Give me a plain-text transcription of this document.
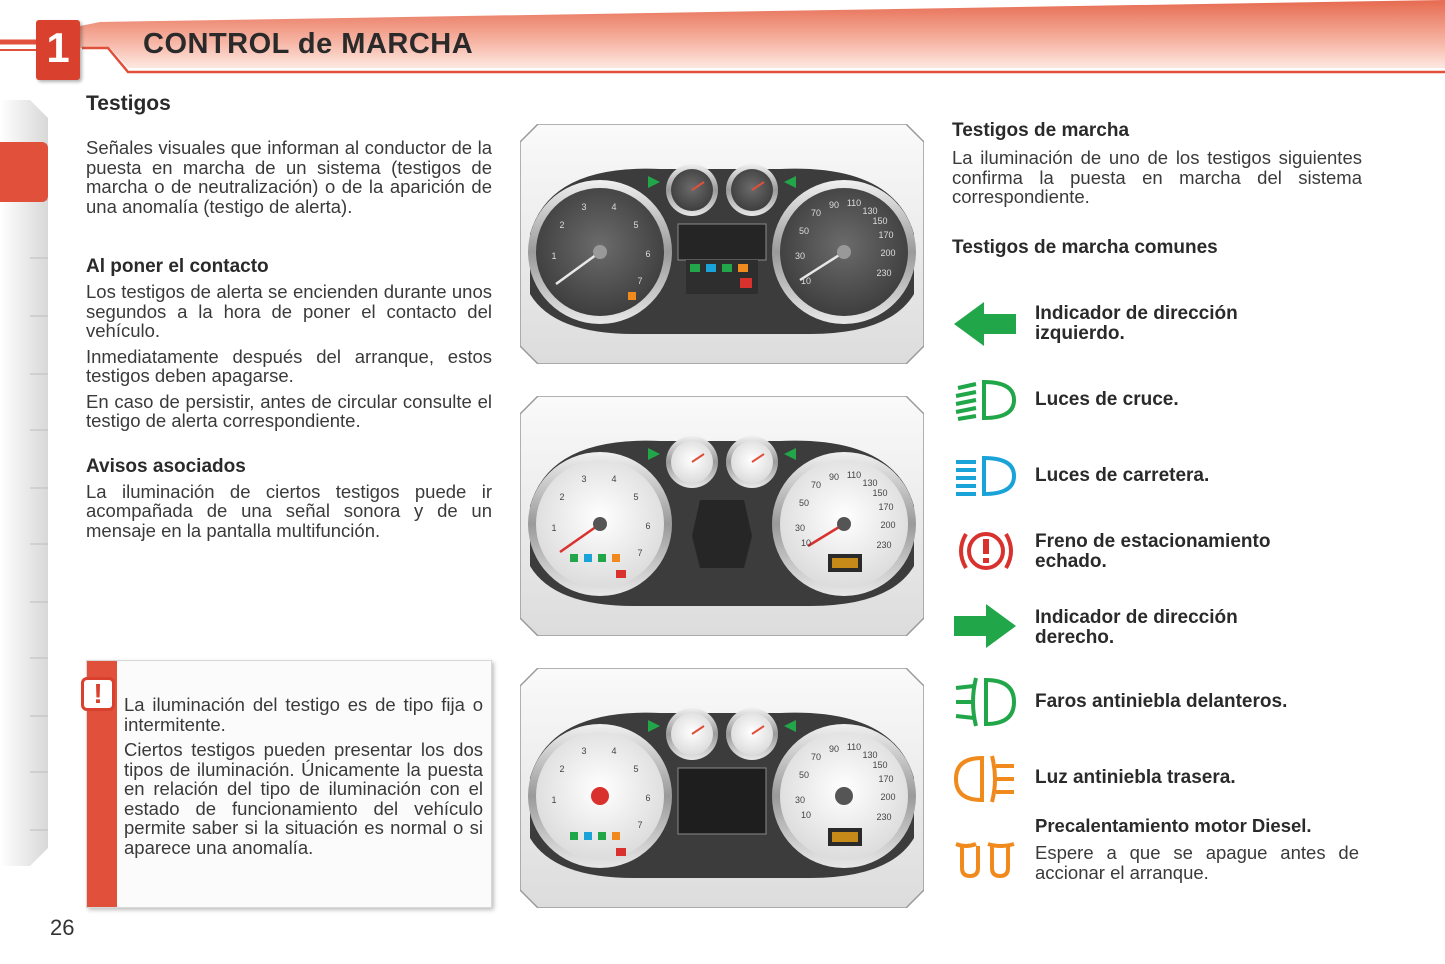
1	CONTROL de MARCHA
Testigos

Señales visuales que informan al conductor de la puesta en marcha de un sistema (testigos de marcha o de neutralización) o de la aparición de una anomalía (testigo de alerta).

Al poner el contacto

Los testigos de alerta se encienden durante unos segundos a la hora de poner el contacto del vehículo.

Inmediatamente después del arranque, estos testigos deben apagarse.

En caso de persistir, antes de circular consulte el testigo de alerta correspondiente.

Avisos asociados

La iluminación de ciertos testigos puede ir acompañada de una señal sonora y de un mensaje en la pantalla multifunción.

!	La iluminación del testigo es de tipo fija o intermitente.

Ciertos testigos pueden presentar los dos tipos de iluminación. Únicamente la puesta en relación del tipo de iluminación con el estado de funcionamiento del vehículo permite saber si la situación es normal o si aparece una anomalía.

1
2
3	4
5
6
7	10
30
50
70
90 110
130
150
170
200
230
1
2
3	4
5
6
7
10
30
50
70
90 110
130
150
170
200
230
1
2
3	4
5
6
7
10
30
50
70
90 110
130
150
170
200
230
Testigos de marcha

La iluminación de uno de los testigos siguientes confirma la puesta en marcha del sistema correspondiente.

Testigos de marcha comunes
Indicador de dirección
izquierdo.
Luces de cruce.
Luces de carretera.
Freno de estacionamiento
echado.
Indicador de dirección
derecho.
Faros antiniebla delanteros.
Luz antiniebla trasera.
Precalentamiento motor Diesel.

Espere a que se apague antes de accionar el arranque.

26
